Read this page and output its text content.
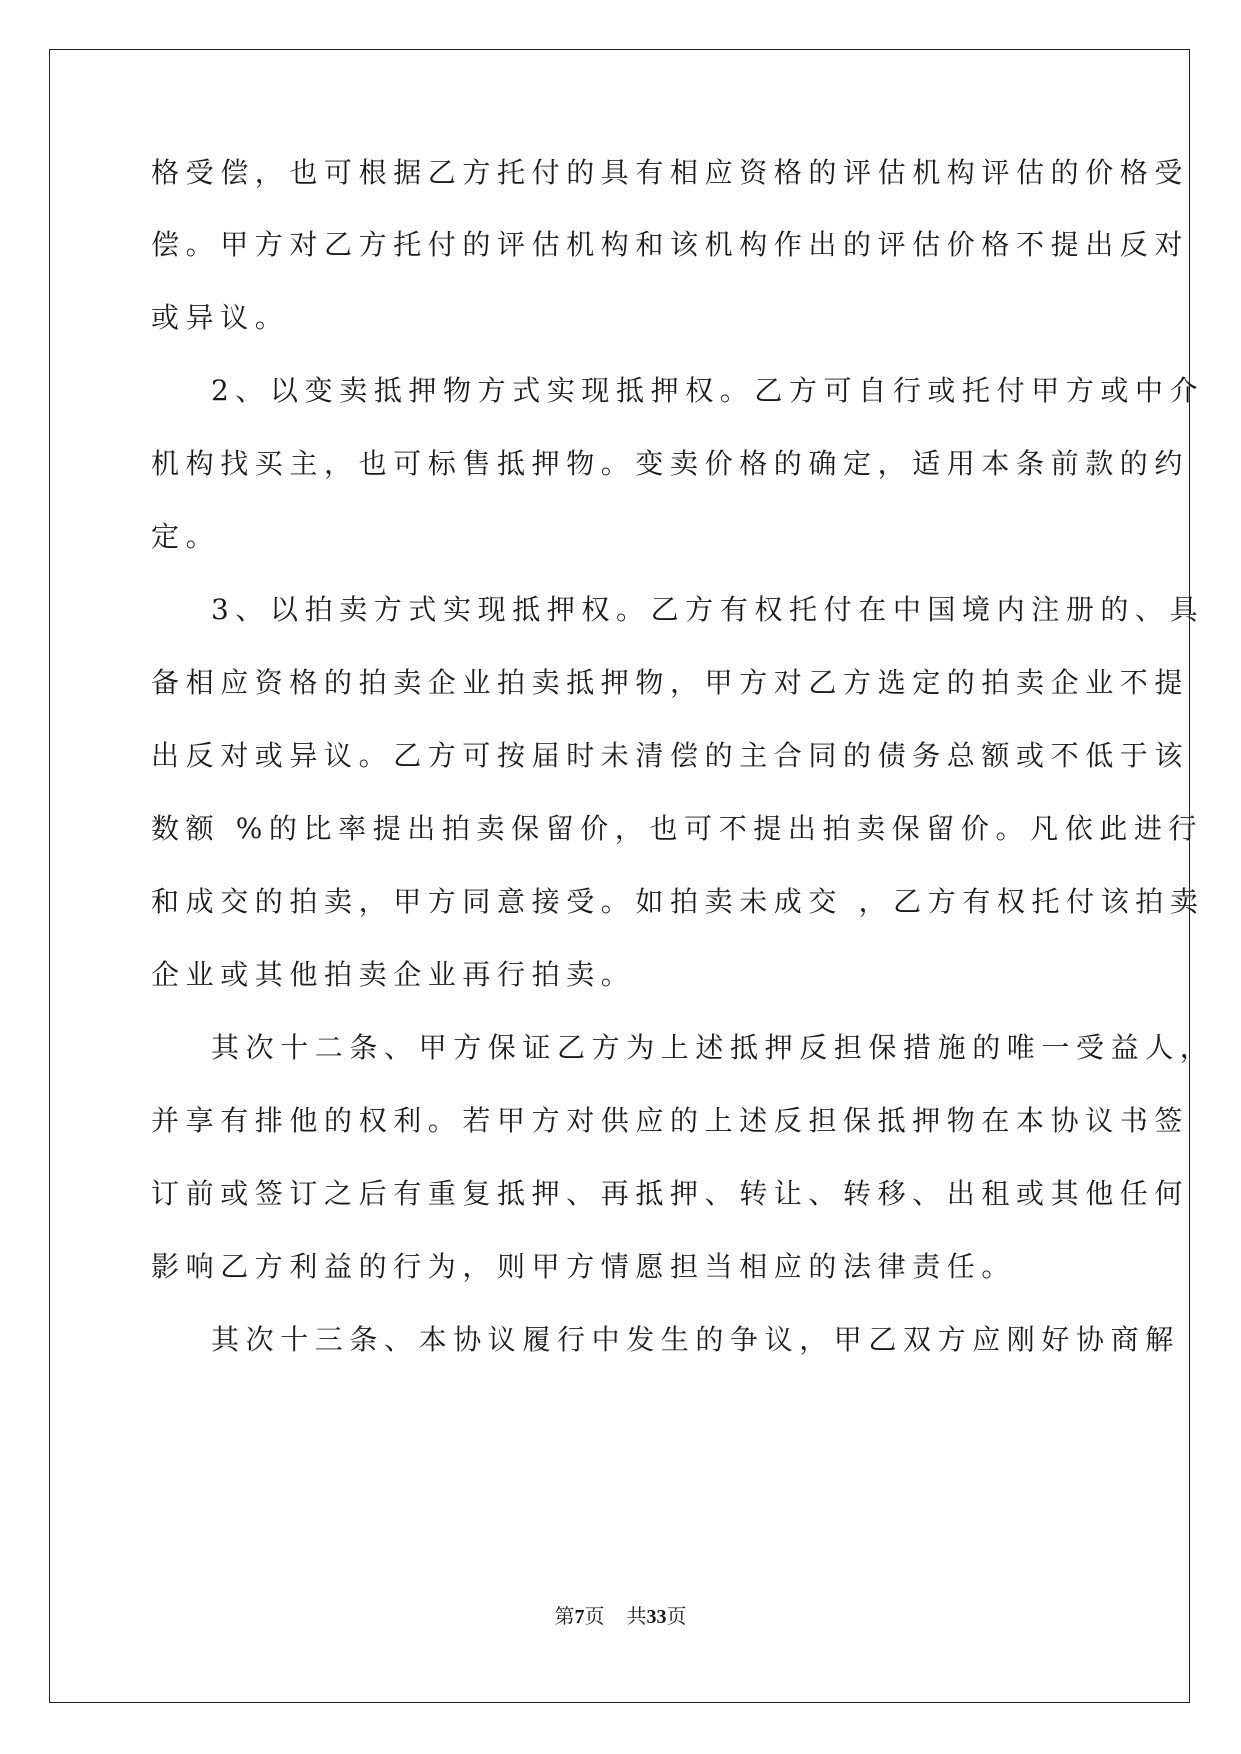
格受偿，也可根据乙方托付的具有相应资格的评估机构评估的价格受
偿。甲方对乙方托付的评估机构和该机构作出的评估价格不提出反对
或异议。
2、以变卖抵押物方式实现抵押权。乙方可自行或托付甲方或中介
机构找买主，也可标售抵押物。变卖价格的确定，适用本条前款的约
定。
3、以拍卖方式实现抵押权。乙方有权托付在中国境内注册的、具
备相应资格的拍卖企业拍卖抵押物，甲方对乙方选定的拍卖企业不提
出反对或异议。乙方可按届时未清偿的主合同的债务总额或不低于该
数额 %的比率提出拍卖保留价，也可不提出拍卖保留价。凡依此进行
和成交的拍卖，甲方同意接受。如拍卖未成交 ，乙方有权托付该拍卖
企业或其他拍卖企业再行拍卖。
其次十二条、甲方保证乙方为上述抵押反担保措施的唯一受益人，
并享有排他的权利。若甲方对供应的上述反担保抵押物在本协议书签
订前或签订之后有重复抵押、再抵押、转让、转移、出租或其他任何
影响乙方利益的行为，则甲方情愿担当相应的法律责任。
其次十三条、本协议履行中发生的争议，甲乙双方应刚好协商解
第7页 共33页
